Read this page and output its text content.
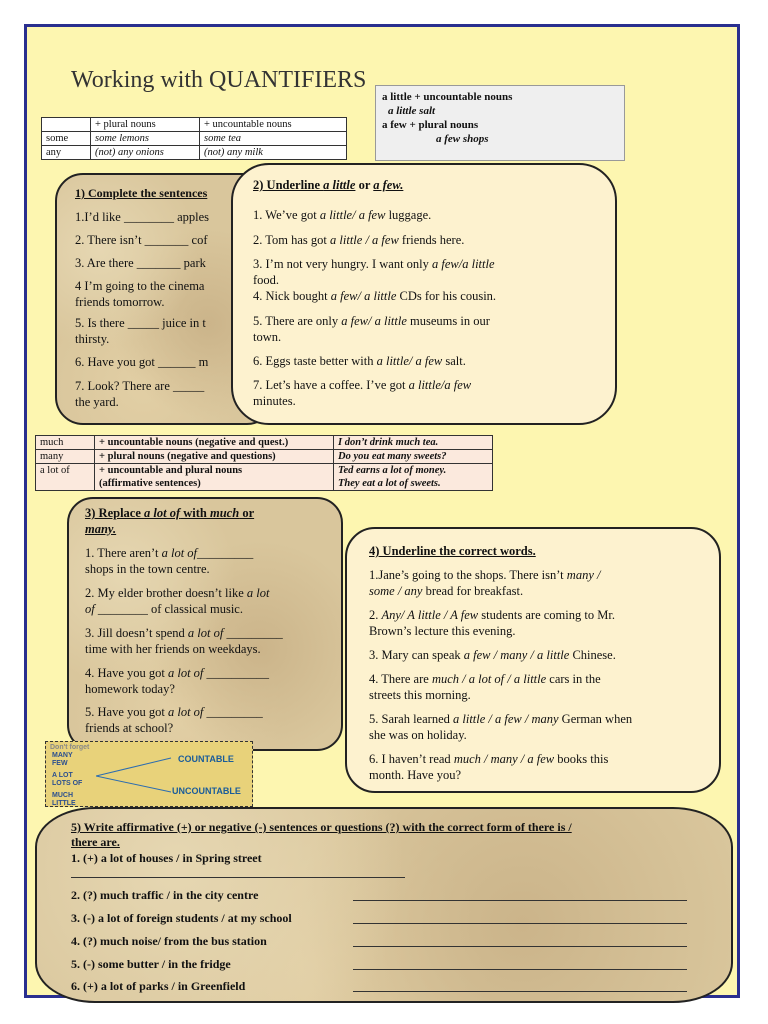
Working with QUANTIFIERS
a little + uncountable nouns
a little salt
a few + plural nouns
a few shops
	+ plural nouns	+ uncountable nouns
some	some lemons	some tea
any	(not) any onions	(not) any milk
1) Complete the sentences
1.I’d like ________ apples
2. There isn’t _______ cof
3. Are there _______ park
4 I’m going to the cinema
friends tomorrow.
5. Is there _____ juice in t
thirsty.
6. Have you got ______ m
7. Look? There are _____
the yard.
2) Underline a little or a few.
1. We’ve got a little/ a few luggage.
2. Tom has got a little / a few friends here.
3. I’m not very hungry. I want only a few/a little
food.
4. Nick bought a few/ a little CDs for his cousin.
5. There are only a few/ a little museums in our
town.
6. Eggs taste better with a little/ a few salt.
7. Let’s have a coffee. I’ve got a little/a few
minutes.
much	+ uncountable nouns (negative and quest.)	I don’t drink much tea.
many	+ plural nouns (negative and questions)	Do you eat many sweets?
a lot of	+ uncountable and plural nouns	Ted earns a lot of money.
	(affirmative sentences)	They eat a lot of sweets.
3) Replace a lot of with much or
many.
1. There aren’t a lot of_________
shops in the town centre.
2. My elder brother doesn’t like a lot
of ________ of classical music.
3. Jill doesn’t spend a lot of _________
time with her friends on weekdays.
4. Have you got a lot of __________
homework today?
5. Have you got a lot of _________
friends at school?
4) Underline the correct words.
1.Jane’s going to the shops. There isn’t many /
some / any bread for breakfast.
2. Any/ A little / A few students are coming to Mr.
Brown’s lecture this evening.
3. Mary can speak a few / many / a little Chinese.
4. There are much / a lot of / a little cars in the
streets this morning.
5. Sarah learned a little / a few / many German when
she was on holiday.
6. I haven’t read much / many / a few books this
month. Have you?
Don't forget
MANY
FEW
A LOT
LOTS OF
MUCH
LITTLE
COUNTABLE
UNCOUNTABLE
5) Write affirmative (+) or negative (-) sentences or questions (?) with the correct form of there is /
there are.
1. (+) a lot of houses / in Spring street
2. (?) much traffic / in the city centre
3. (-) a lot of foreign students / at my school
4. (?) much noise/ from the bus station
5. (-) some butter / in the fridge
6. (+) a lot of parks / in Greenfield
